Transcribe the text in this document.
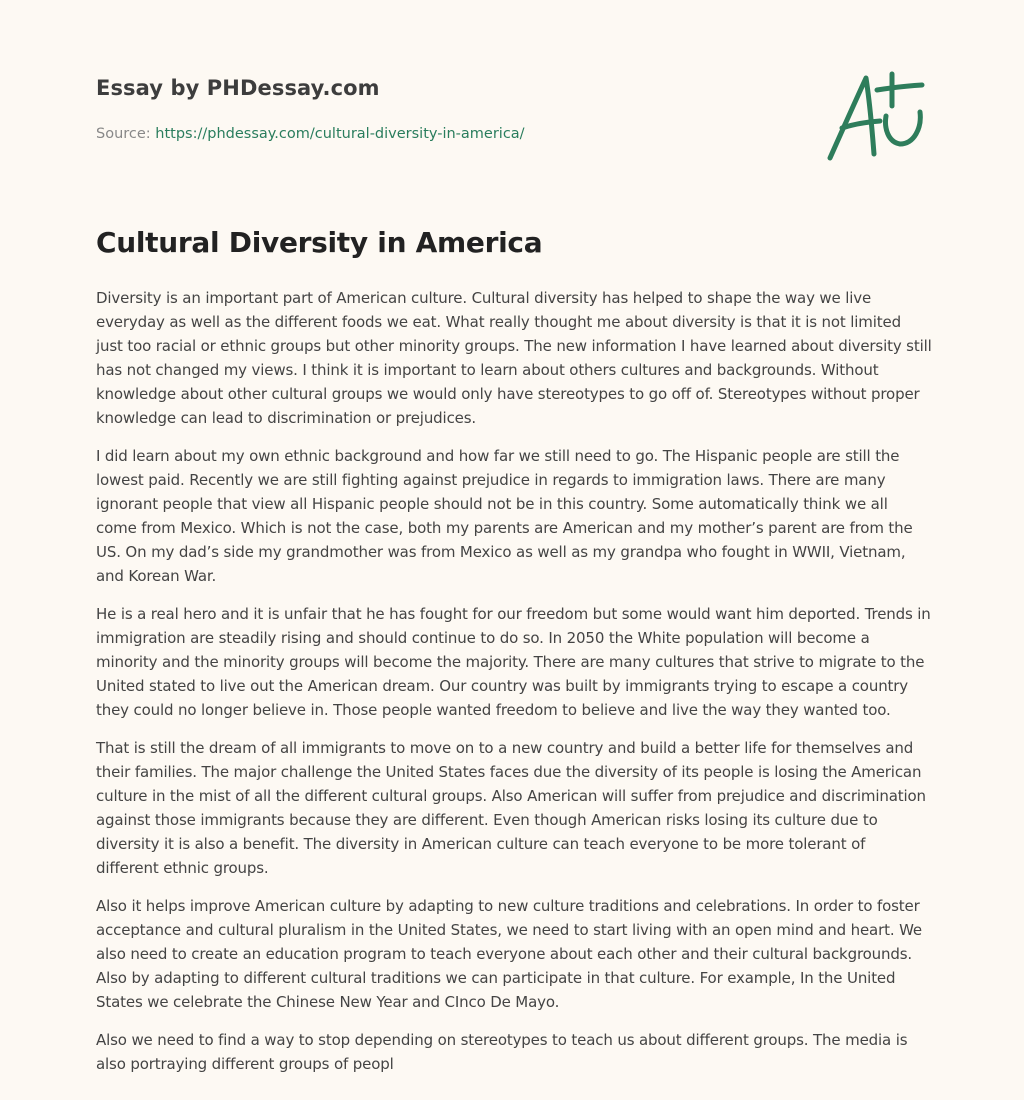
Essay by PHDessay.com
Source: https://phdessay.com/cultural-diversity-in-america/
Cultural Diversity in America

Diversity is an important part of American culture. Cultural diversity has helped to shape the way we live everyday as well as the different foods we eat. What really thought me about diversity is that it is not limited just too racial or ethnic groups but other minority groups. The new information I have learned about diversity still has not changed my views. I think it is important to learn about others cultures and backgrounds. Without knowledge about other cultural groups we would only have stereotypes to go off of. Stereotypes without proper knowledge can lead to discrimination or prejudices.

I did learn about my own ethnic background and how far we still need to go. The Hispanic people are still the lowest paid. Recently we are still fighting against prejudice in regards to immigration laws. There are many ignorant people that view all Hispanic people should not be in this country. Some automatically think we all come from Mexico. Which is not the case, both my parents are American and my mother’s parent are from the US. On my dad’s side my grandmother was from Mexico as well as my grandpa who fought in WWII, Vietnam, and Korean War.

He is a real hero and it is unfair that he has fought for our freedom but some would want him deported. Trends in immigration are steadily rising and should continue to do so. In 2050 the White population will become a minority and the minority groups will become the majority. There are many cultures that strive to migrate to the United stated to live out the American dream. Our country was built by immigrants trying to escape a country they could no longer believe in. Those people wanted freedom to believe and live the way they wanted too.

That is still the dream of all immigrants to move on to a new country and build a better life for themselves and their families. The major challenge the United States faces due the diversity of its people is losing the American culture in the mist of all the different cultural groups. Also American will suffer from prejudice and discrimination against those immigrants because they are different. Even though American risks losing its culture due to diversity it is also a benefit. The diversity in American culture can teach everyone to be more tolerant of different ethnic groups.

Also it helps improve American culture by adapting to new culture traditions and celebrations. In order to foster acceptance and cultural pluralism in the United States, we need to start living with an open mind and heart. We also need to create an education program to teach everyone about each other and their cultural backgrounds. Also by adapting to different cultural traditions we can participate in that culture. For example, In the United States we celebrate the Chinese New Year and CInco De Mayo.

Also we need to find a way to stop depending on stereotypes to teach us about different groups. The media is also portraying different groups of peopl
